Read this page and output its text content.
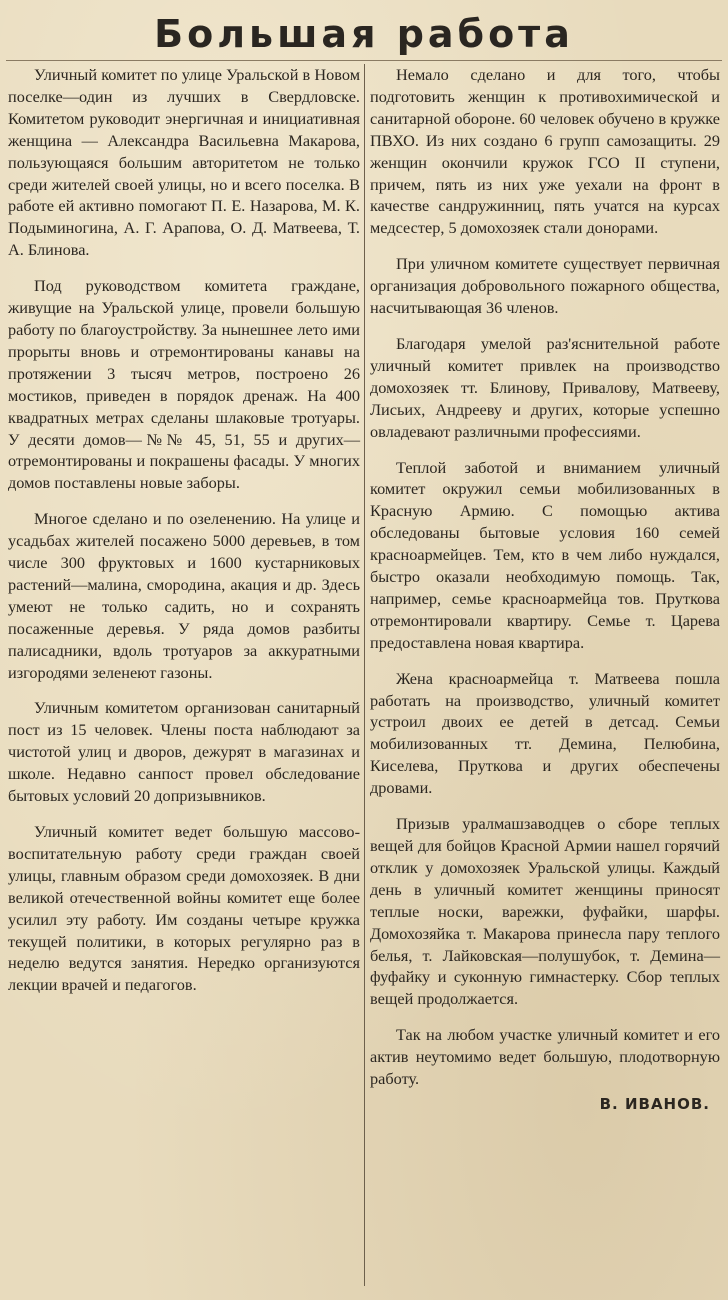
Большая работа

Уличный комитет по улице Уральской в Новом поселке—один из лучших в Свердловске. Комитетом руководит энергичная и инициативная женщина — Александра Васильевна Макарова, пользующаяся большим авторитетом не только среди жителей своей улицы, но и всего поселка. В работе ей активно помогают П. Е. Назарова, М. К. Подыминогина, А. Г. Арапова, О. Д. Матвеева, Т. А. Блинова.

Под руководством комитета граждане, живущие на Уральской улице, провели большую работу по благоустройству. За нынешнее лето ими прорыты вновь и отремонтированы канавы на протяжении 3 тысяч метров, построено 26 мостиков, приведен в порядок дренаж. На 400 квадратных метрах сделаны шлаковые тротуары. У десяти домов—№№ 45, 51, 55 и других—отремонтированы и покрашены фасады. У многих домов поставлены новые заборы.

Многое сделано и по озеленению. На улице и усадьбах жителей посажено 5000 деревьев, в том числе 300 фруктовых и 1600 кустарниковых растений—малина, смородина, акация и др. Здесь умеют не только садить, но и сохранять посаженные деревья. У ряда домов разбиты палисадники, вдоль тротуаров за аккуратными изгородями зеленеют газоны.

Уличным комитетом организован санитарный пост из 15 человек. Члены поста наблюдают за чистотой улиц и дворов, дежурят в магазинах и школе. Недавно санпост провел обследование бытовых условий 20 допризывников.

Уличный комитет ведет большую массово-воспитательную работу среди граждан своей улицы, главным образом среди домохозяек. В дни великой отечественной войны комитет еще более усилил эту работу. Им созданы четыре кружка текущей политики, в которых регулярно раз в неделю ведутся занятия. Нередко организуются лекции врачей и педагогов.

Немало сделано и для того, чтобы подготовить женщин к противохимической и санитарной обороне. 60 человек обучено в кружке ПВХО. Из них создано 6 групп самозащиты. 29 женщин окончили кружок ГСО II ступени, причем, пять из них уже уехали на фронт в качестве сандружинниц, пять учатся на курсах медсестер, 5 домохозяек стали донорами.

При уличном комитете существует первичная организация добровольного пожарного общества, насчитывающая 36 членов.

Благодаря умелой раз'яснительной работе уличный комитет привлек на производство домохозяек тт. Блинову, Привалову, Матвееву, Лисьих, Андрееву и других, которые успешно овладевают различными профессиями.

Теплой заботой и вниманием уличный комитет окружил семьи мобилизованных в Красную Армию. С помощью актива обследованы бытовые условия 160 семей красноармейцев. Тем, кто в чем либо нуждался, быстро оказали необходимую помощь. Так, например, семье красноармейца тов. Пруткова отремонтировали квартиру. Семье т. Царева предоставлена новая квартира.

Жена красноармейца т. Матвеева пошла работать на производство, уличный комитет устроил двоих ее детей в детсад. Семьи мобилизованных тт. Демина, Пелюбина, Киселева, Пруткова и других обеспечены дровами.

Призыв уралмашзаводцев о сборе теплых вещей для бойцов Красной Армии нашел горячий отклик у домохозяек Уральской улицы. Каждый день в уличный комитет женщины приносят теплые носки, варежки, фуфайки, шарфы. Домохозяйка т. Макарова принесла пару теплого белья, т. Лайковская—полушубок, т. Демина—фуфайку и суконную гимнастерку. Сбор теплых вещей продолжается.

Так на любом участке уличный комитет и его актив неутомимо ведет большую, плодотворную работу.

В. ИВАНОВ.
